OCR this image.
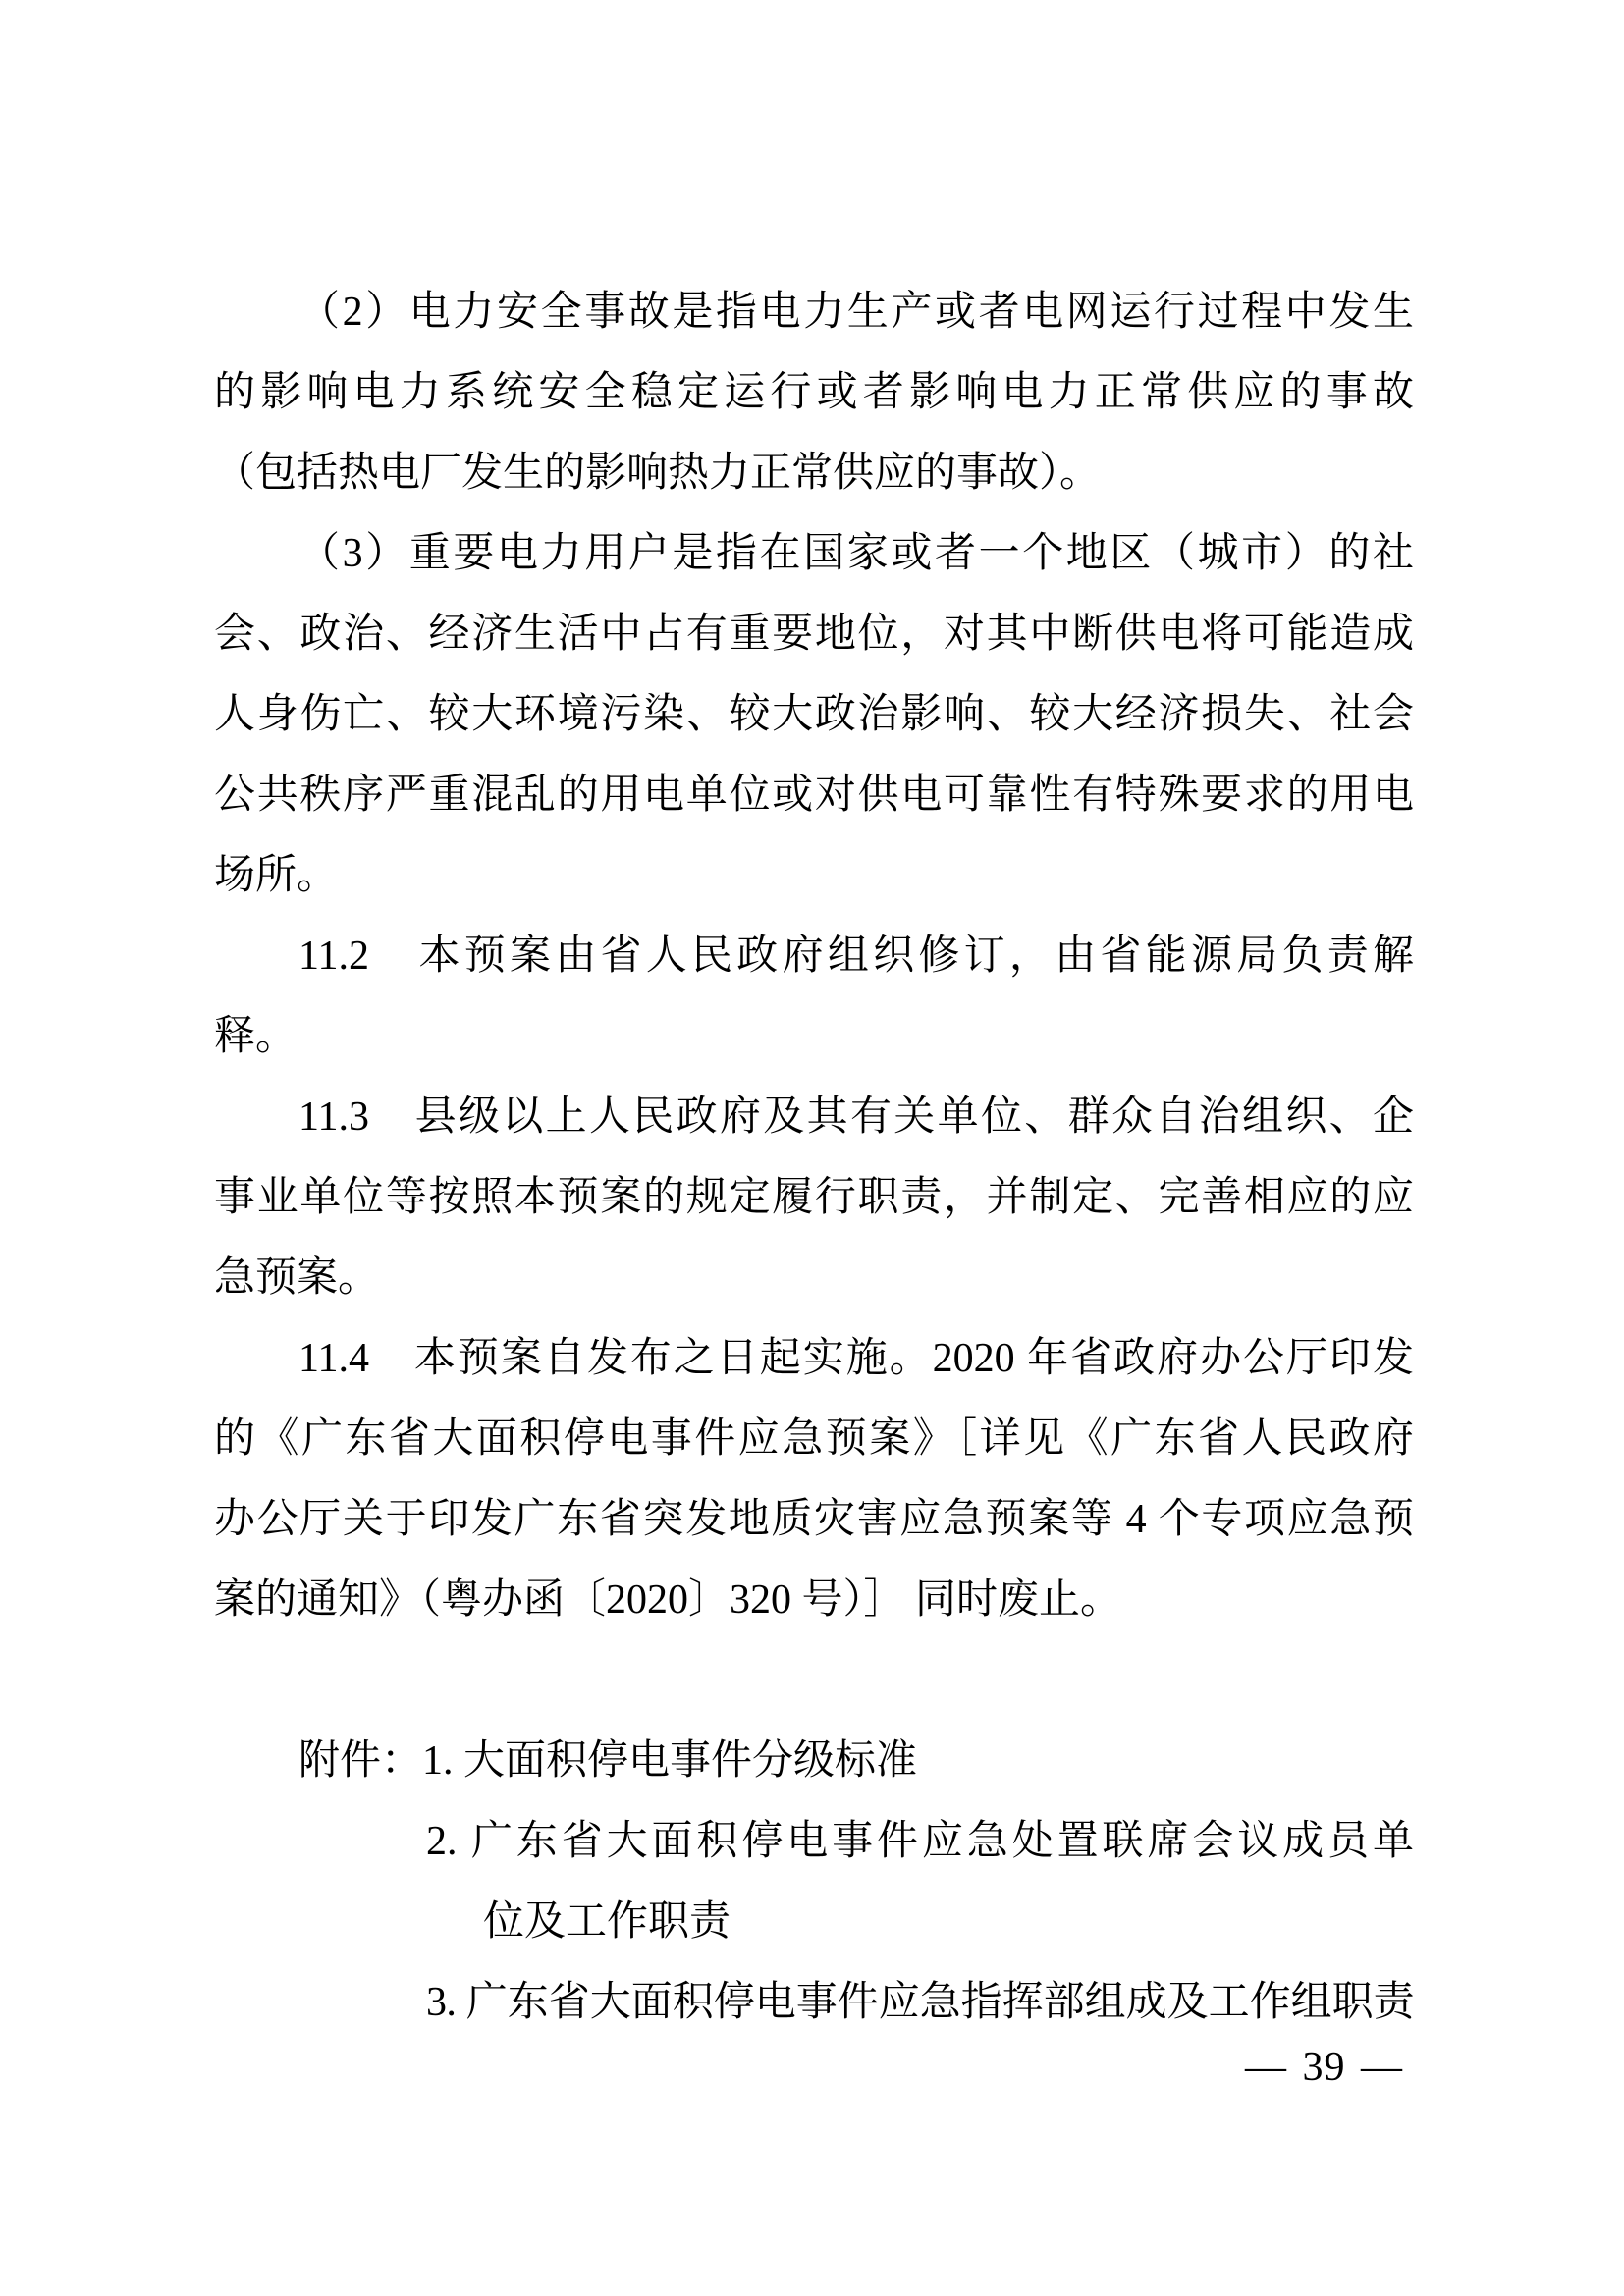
（2）电力安全事故是指电力生产或者电网运行过程中发生
的影响电力系统安全稳定运行或者影响电力正常供应的事故
（包括热电厂发生的影响热力正常供应的事故）。
（3）重要电力用户是指在国家或者一个地区（城市）的社
会、政治、经济生活中占有重要地位，对其中断供电将可能造成
人身伤亡、较大环境污染、较大政治影响、较大经济损失、社会
公共秩序严重混乱的用电单位或对供电可靠性有特殊要求的用电
场所。
11.2　本预案由省人民政府组织修订，由省能源局负责解
释。
11.3　县级以上人民政府及其有关单位、群众自治组织、企
事业单位等按照本预案的规定履行职责，并制定、完善相应的应
急预案。
11.4　本预案自发布之日起实施。2020 年省政府办公厅印发
的《广东省大面积停电事件应急预案》［详见《广东省人民政府
办公厅关于印发广东省突发地质灾害应急预案等 4 个专项应急预
案的通知》（粤办函〔2020〕320 号）］ 同时废止。
附件：1. 大面积停电事件分级标准
2. 广东省大面积停电事件应急处置联席会议成员单
位及工作职责
3. 广东省大面积停电事件应急指挥部组成及工作组职责
— 39 —
